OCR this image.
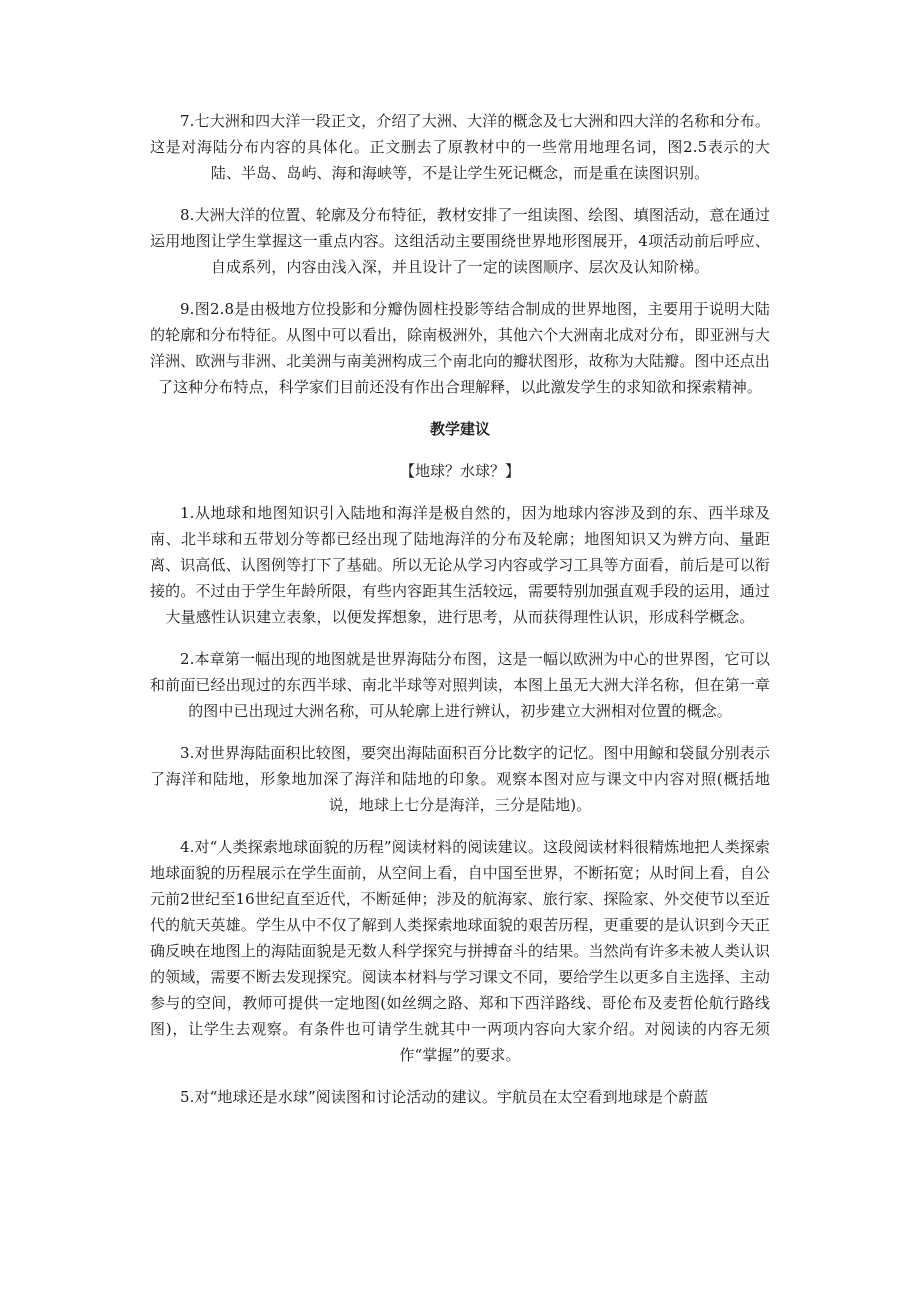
7.七大洲和四大洋一段正文，介绍了大洲、大洋的概念及七大洲和四大洋的名称和分布。这是对海陆分布内容的具体化。正文删去了原教材中的一些常用地理名词，图2.5表示的大陆、半岛、岛屿、海和海峡等，不是让学生死记概念，而是重在读图识别。

8.大洲大洋的位置、轮廓及分布特征，教材安排了一组读图、绘图、填图活动，意在通过运用地图让学生掌握这一重点内容。这组活动主要围绕世界地形图展开，4项活动前后呼应、自成系列，内容由浅入深，并且设计了一定的读图顺序、层次及认知阶梯。

9.图2.8是由极地方位投影和分瓣伪圆柱投影等结合制成的世界地图，主要用于说明大陆的轮廓和分布特征。从图中可以看出，除南极洲外，其他六个大洲南北成对分布，即亚洲与大洋洲、欧洲与非洲、北美洲与南美洲构成三个南北向的瓣状图形，故称为大陆瓣。图中还点出了这种分布特点，科学家们目前还没有作出合理解释，以此激发学生的求知欲和探索精神。

教学建议
【地球？水球？】

1.从地球和地图知识引入陆地和海洋是极自然的，因为地球内容涉及到的东、西半球及南、北半球和五带划分等都已经出现了陆地海洋的分布及轮廓；地图知识又为辨方向、量距离、识高低、认图例等打下了基础。所以无论从学习内容或学习工具等方面看，前后是可以衔接的。不过由于学生年龄所限，有些内容距其生活较远，需要特别加强直观手段的运用，通过大量感性认识建立表象，以便发挥想象，进行思考，从而获得理性认识，形成科学概念。

2.本章第一幅出现的地图就是世界海陆分布图，这是一幅以欧洲为中心的世界图，它可以和前面已经出现过的东西半球、南北半球等对照判读，本图上虽无大洲大洋名称，但在第一章的图中已出现过大洲名称，可从轮廓上进行辨认，初步建立大洲相对位置的概念。

3.对世界海陆面积比较图，要突出海陆面积百分比数字的记忆。图中用鲸和袋鼠分别表示了海洋和陆地，形象地加深了海洋和陆地的印象。观察本图对应与课文中内容对照(概括地说，地球上七分是海洋，三分是陆地)。

4.对“人类探索地球面貌的历程”阅读材料的阅读建议。这段阅读材料很精炼地把人类探索地球面貌的历程展示在学生面前，从空间上看，自中国至世界，不断拓宽；从时间上看，自公元前2世纪至16世纪直至近代，不断延伸；涉及的航海家、旅行家、探险家、外交使节以至近代的航天英雄。学生从中不仅了解到人类探索地球面貌的艰苦历程，更重要的是认识到今天正确反映在地图上的海陆面貌是无数人科学探究与拼搏奋斗的结果。当然尚有许多未被人类认识的领域，需要不断去发现探究。阅读本材料与学习课文不同，要给学生以更多自主选择、主动参与的空间，教师可提供一定地图(如丝绸之路、郑和下西洋路线、哥伦布及麦哲伦航行路线图)，让学生去观察。有条件也可请学生就其中一两项内容向大家介绍。对阅读的内容无须作“掌握”的要求。

5.对“地球还是水球”阅读图和讨论活动的建议。宇航员在太空看到地球是个蔚蓝
